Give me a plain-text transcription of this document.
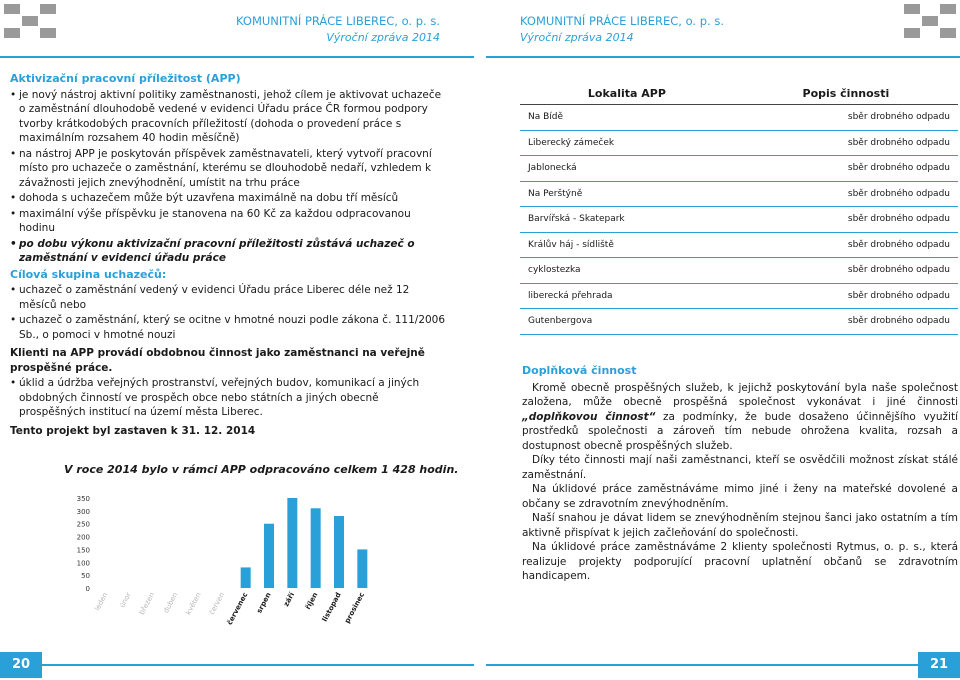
KOMUNITNÍ PRÁCE LIBEREC, o. p. s.
Výroční zpráva 2014
KOMUNITNÍ PRÁCE LIBEREC, o. p. s.
Výroční zpráva 2014
Aktivizační pracovní příležitost (APP)
• je nový nástroj aktivní politiky zaměstnanosti, jehož cílem je aktivovat uchazeče o zaměstnání dlouhodobě vedené v evidenci Úřadu práce ČR formou podpory tvorby krátkodobých pracovních příležitostí (dohoda o provedení práce s maximálním rozsahem 40 hodin měsíčně)
• na nástroj APP je poskytován příspěvek zaměstnavateli, který vytvoří pracovní místo pro uchazeče o zaměstnání, kterému se dlouhodobě nedaří, vzhledem k závažnosti jejich znevýhodnění, umístit na trhu práce
• dohoda s uchazečem může být uzavřena maximálně na dobu tří měsíců
• maximální výše příspěvku je stanovena na 60 Kč za každou odpracovanou hodinu
• po dobu výkonu aktivizační pracovní příležitosti zůstává uchazeč o zaměstnání v evidenci úřadu práce
Cílová skupina uchazečů:
• uchazeč o zaměstnání vedený v evidenci Úřadu práce Liberec déle než 12 měsíců nebo
• uchazeč o zaměstnání, který se ocitne v hmotné nouzi podle zákona č. 111/2006 Sb., o pomoci v hmotné nouzi
Klienti na APP provádí obdobnou činnost jako zaměstnanci na veřejně prospěšné práce.
• úklid a údržba veřejných prostranství, veřejných budov, komunikací a jiných obdobných činností ve prospěch obce nebo státních a jiných obecně prospěšných institucí na území města Liberec.
Tento projekt byl zastaven k 31. 12. 2014
V roce 2014 bylo v rámci APP odpracováno celkem 1 428 hodin.
0
50
100
150
200
250
300
350
leden únor březen duben květen červen červenec srpen září říjen listopad prosinec
Lokalita APP	Popis činnosti
Na Bídě	sběr drobného odpadu
Liberecký zámeček	sběr drobného odpadu
Jablonecká	sběr drobného odpadu
Na Perštýně	sběr drobného odpadu
Barvířská - Skatepark	sběr drobného odpadu
Králův háj - sídliště	sběr drobného odpadu
cyklostezka	sběr drobného odpadu
liberecká přehrada	sběr drobného odpadu
Gutenbergova	sběr drobného odpadu
Doplňková činnost

Kromě obecně prospěšných služeb, k jejichž poskytování byla naše společnost založena, může obecně prospěšná společnost vykonávat i jiné činnosti „doplňkovou činnost“ za podmínky, že bude dosaženo účinnějšího využití prostředků společnosti a zároveň tím nebude ohrožena kvalita, rozsah a dostupnost obecně prospěšných služeb.

Díky této činnosti mají naši zaměstnanci, kteří se osvědčili možnost získat stálé zaměstnání.

Na úklidové práce zaměstnáváme mimo jiné i ženy na mateřské dovolené a občany se zdravotním znevýhodněním.

Naší snahou je dávat lidem se znevýhodněním stejnou šanci jako ostatním a tím aktivně přispívat k jejich začleňování do společnosti.

Na úklidové práce zaměstnáváme 2 klienty společnosti Rytmus, o. p. s., která realizuje projekty podporující pracovní uplatnění občanů se zdravotním handicapem.

20	21
